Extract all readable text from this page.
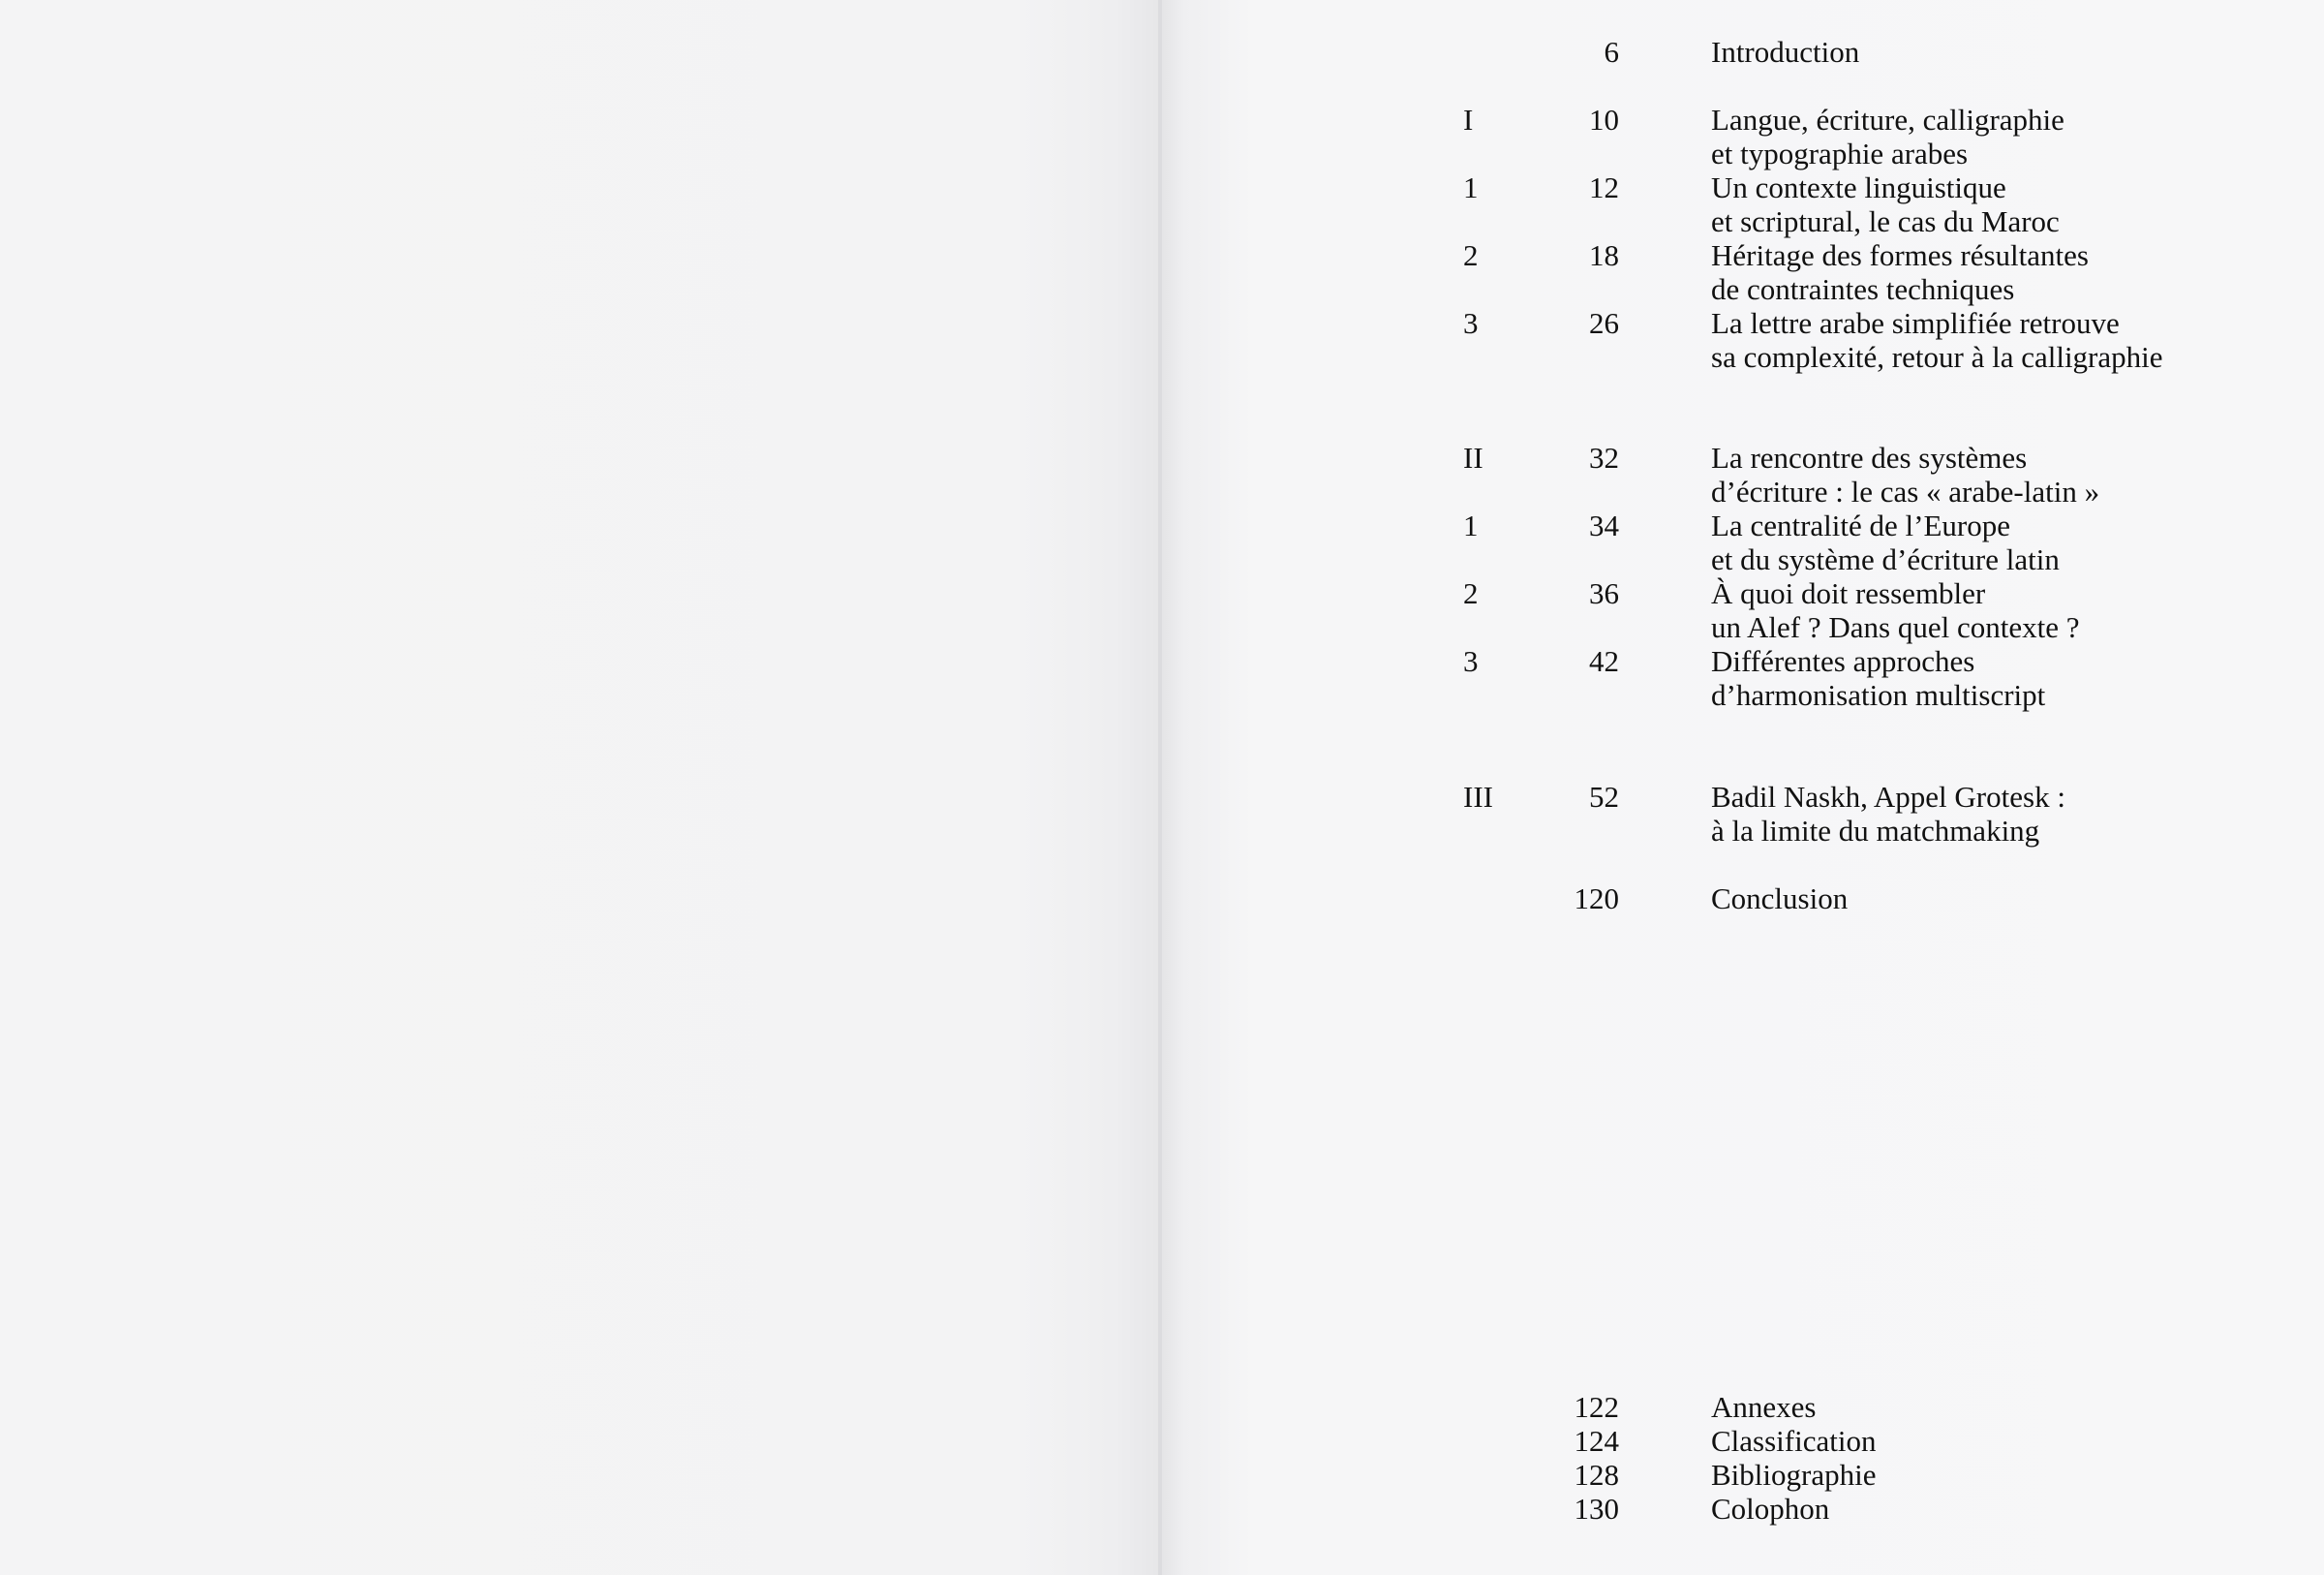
6	Introduction
I	10	Langue, écriture, calligraphie
et typographie arabes
1	12	Un contexte linguistique
et scriptural, le cas du Maroc
2	18	Héritage des formes résultantes
de contraintes techniques
3	26	La lettre arabe simplifiée retrouve
sa complexité, retour à la calligraphie
II	32	La rencontre des systèmes
d’écriture : le cas « arabe-latin »
1	34	La centralité de l’Europe
et du système d’écriture latin
2	36	À quoi doit ressembler
un Alef ? Dans quel contexte ?
3	42	Différentes approches
d’harmonisation multiscript
III	52	Badil Naskh, Appel Grotesk :
à la limite du matchmaking
120	Conclusion
122	Annexes
124	Classification
128	Bibliographie
130	Colophon
